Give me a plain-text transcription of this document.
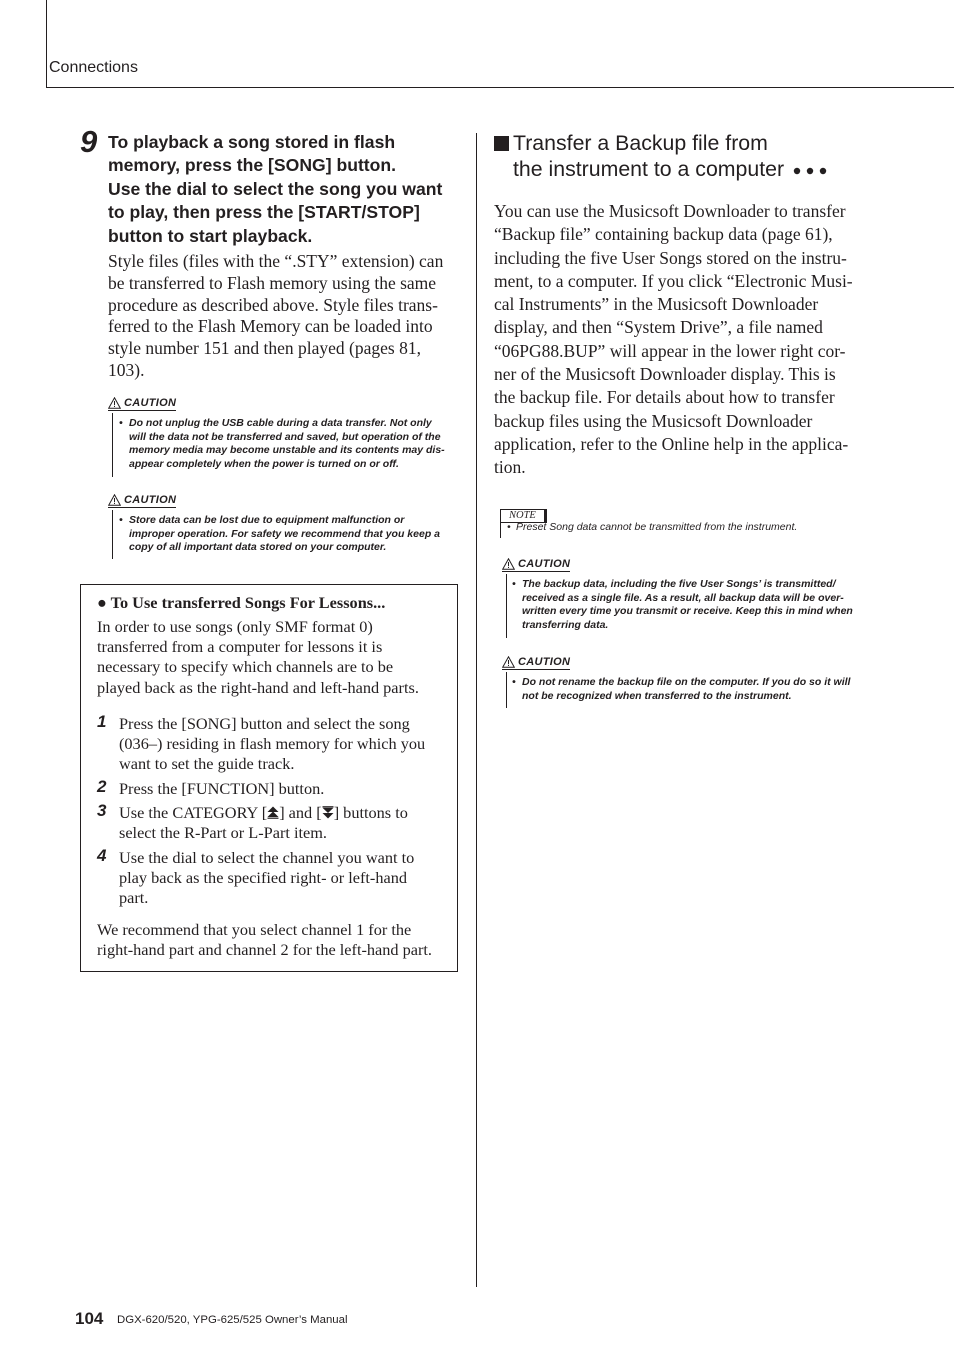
Connections
9 To playback a song stored in flash
memory, press the [SONG] button.
Use the dial to select the song you want
to play, then press the [START/STOP]
button to start playback.
Style files (files with the “.STY” extension) can
be transferred to Flash memory using the same
procedure as described above. Style files trans-
ferred to the Flash Memory can be loaded into
style number 151 and then played (pages 81,
103).
CAUTION
• Do not unplug the USB cable during a data transfer. Not only
will the data not be transferred and saved, but operation of the
memory media may become unstable and its contents may dis-
appear completely when the power is turned on or off.
CAUTION
• Store data can be lost due to equipment malfunction or
improper operation. For safety we recommend that you keep a
copy of all important data stored on your computer.
● To Use transferred Songs For Lessons...
In order to use songs (only SMF format 0)
transferred from a computer for lessons it is
necessary to specify which channels are to be
played back as the right-hand and left-hand parts.
1 Press the [SONG] button and select the song
(036–) residing in flash memory for which you
want to set the guide track.
2 Press the [FUNCTION] button.
3 Use the CATEGORY [ ] and [ ] buttons to
select the R-Part or L-Part item.
4 Use the dial to select the channel you want to
play back as the specified right- or left-hand
part.
We recommend that you select channel 1 for the
right-hand part and channel 2 for the left-hand part.
Transfer a Backup file from
the instrument to a computer
You can use the Musicsoft Downloader to transfer
“Backup file” containing backup data (page 61),
including the five User Songs stored on the instru-
ment, to a computer. If you click “Electronic Musi-
cal Instruments” in the Musicsoft Downloader
display, and then “System Drive”, a file named
“06PG88.BUP” will appear in the lower right cor-
ner of the Musicsoft Downloader display. This is
the backup file. For details about how to transfer
backup files using the Musicsoft Downloader
application, refer to the Online help in the applica-
tion.
NOTE
• Preset Song data cannot be transmitted from the instrument.
CAUTION
• The backup data, including the five User Songs’ is transmitted/
received as a single file. As a result, all backup data will be over-
written every time you transmit or receive. Keep this in mind when
transferring data.
CAUTION
• Do not rename the backup file on the computer. If you do so it will
not be recognized when transferred to the instrument.
104 DGX-620/520, YPG-625/525 Owner’s Manual
